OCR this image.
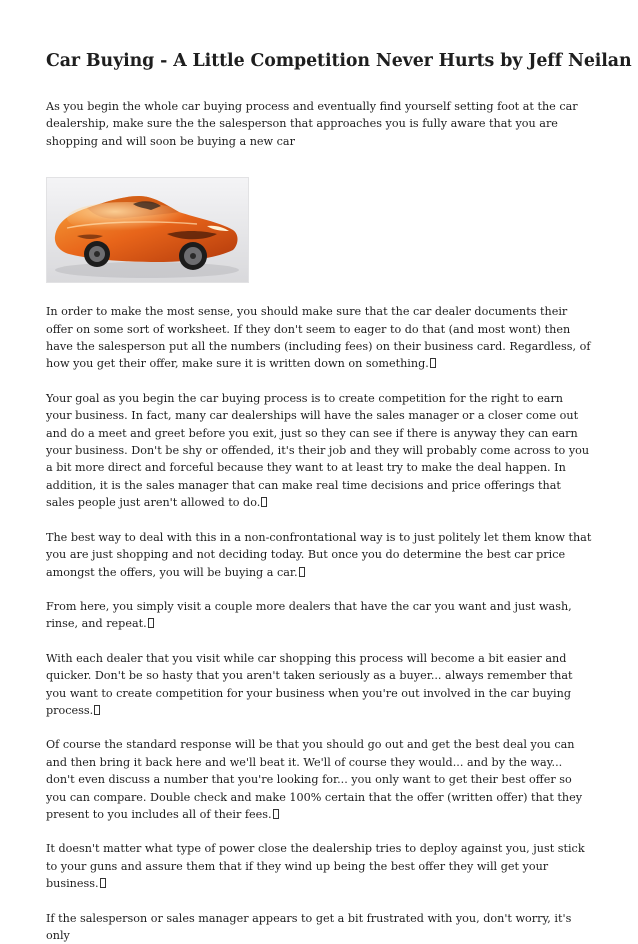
Car Buying - A Little Competition Never Hurts by Jeff Neilan

As you begin the whole car buying process and eventually find yourself setting foot at the car dealership, make sure the the salesperson that approaches you is fully aware that you are shopping and will soon be buying a new car

In order to make the most sense, you should make sure that the car dealer documents their offer on some sort of worksheet. If they don't seem to eager to do that (and most wont) then have the salesperson put all the numbers (including fees) on their business card. Regardless, of how you get their offer, make sure it is written down on something.

Your goal as you begin the car buying process is to create competition for the right to earn your business. In fact, many car dealerships will have the sales manager or a closer come out and do a meet and greet before you exit, just so they can see if there is anyway they can earn your business. Don't be shy or offended, it's their job and they will probably come across to you a bit more direct and forceful because they want to at least try to make the deal happen. In addition, it is the sales manager that can make real time decisions and price offerings that sales people just aren't allowed to do.

The best way to deal with this in a non-confrontational way is to just politely let them know that you are just shopping and not deciding today. But once you do determine the best car price amongst the offers, you will be buying a car.

From here, you simply visit a couple more dealers that have the car you want and just wash, rinse, and repeat.

With each dealer that you visit while car shopping this process will become a bit easier and quicker. Don't be so hasty that you aren't taken seriously as a buyer... always remember that you want to create competition for your business when you're out involved in the car buying process.

Of course the standard response will be that you should go out and get the best deal you can and then bring it back here and we'll beat it. We'll of course they would... and by the way... don't even discuss a number that you're looking for... you only want to get their best offer so you can compare. Double check and make 100% certain that the offer (written offer) that they present to you includes all of their fees.

It doesn't matter what type of power close the dealership tries to deploy against you, just stick to your guns and assure them that if they wind up being the best offer they will get your business.

If the salesperson or sales manager appears to get a bit frustrated with you, don't worry, it's only
